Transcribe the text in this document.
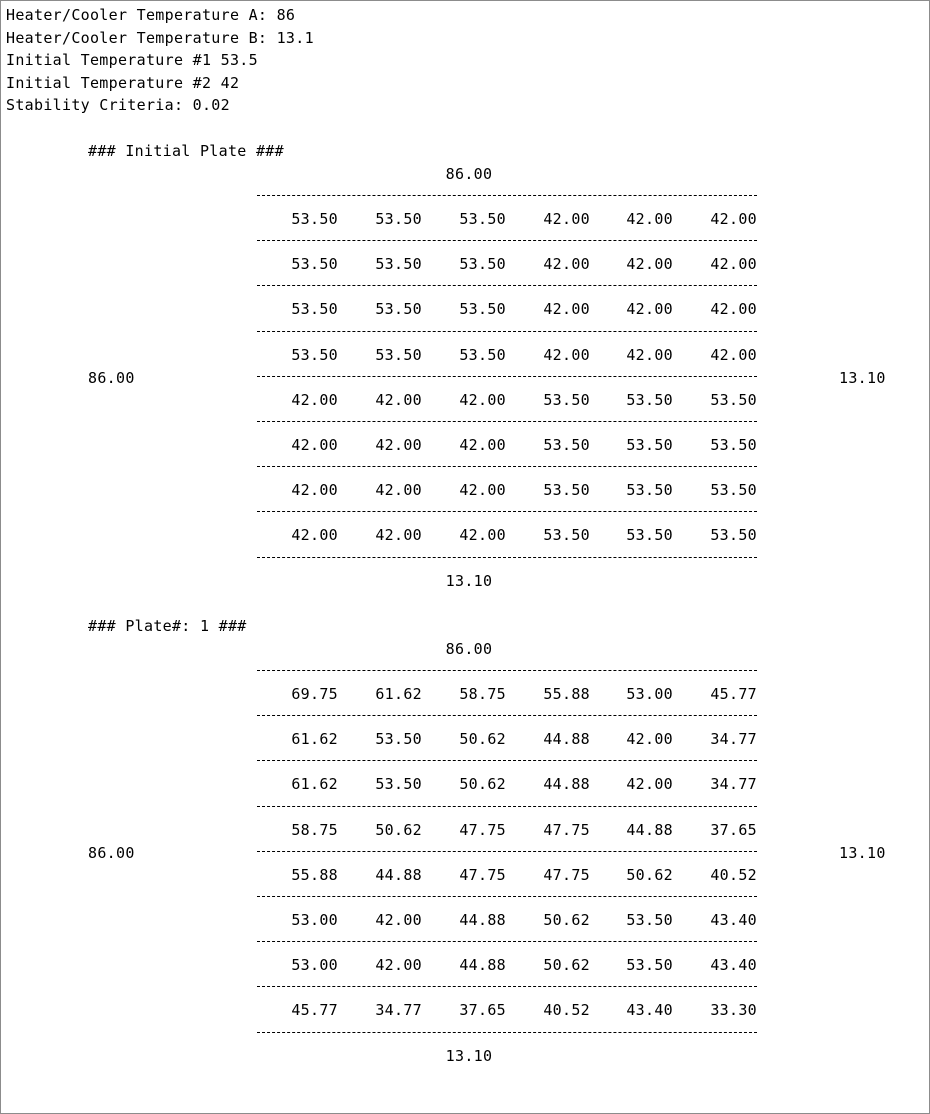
Heater/Cooler Temperature A: 86
Heater/Cooler Temperature B: 13.1
Initial Temperature #1 53.5
Initial Temperature #2 42
Stability Criteria: 0.02
### Initial Plate ###
86.00
86.00	13.10
13.10
53.50	53.50	53.50	42.00	42.00	42.00
53.50	53.50	53.50	42.00	42.00	42.00
53.50	53.50	53.50	42.00	42.00	42.00
53.50	53.50	53.50	42.00	42.00	42.00
42.00	42.00	42.00	53.50	53.50	53.50
42.00	42.00	42.00	53.50	53.50	53.50
42.00	42.00	42.00	53.50	53.50	53.50
42.00	42.00	42.00	53.50	53.50	53.50
### Plate#: 1 ###
86.00
86.00	13.10
13.10
69.75	61.62	58.75	55.88	53.00	45.77
61.62	53.50	50.62	44.88	42.00	34.77
61.62	53.50	50.62	44.88	42.00	34.77
58.75	50.62	47.75	47.75	44.88	37.65
55.88	44.88	47.75	47.75	50.62	40.52
53.00	42.00	44.88	50.62	53.50	43.40
53.00	42.00	44.88	50.62	53.50	43.40
45.77	34.77	37.65	40.52	43.40	33.30
